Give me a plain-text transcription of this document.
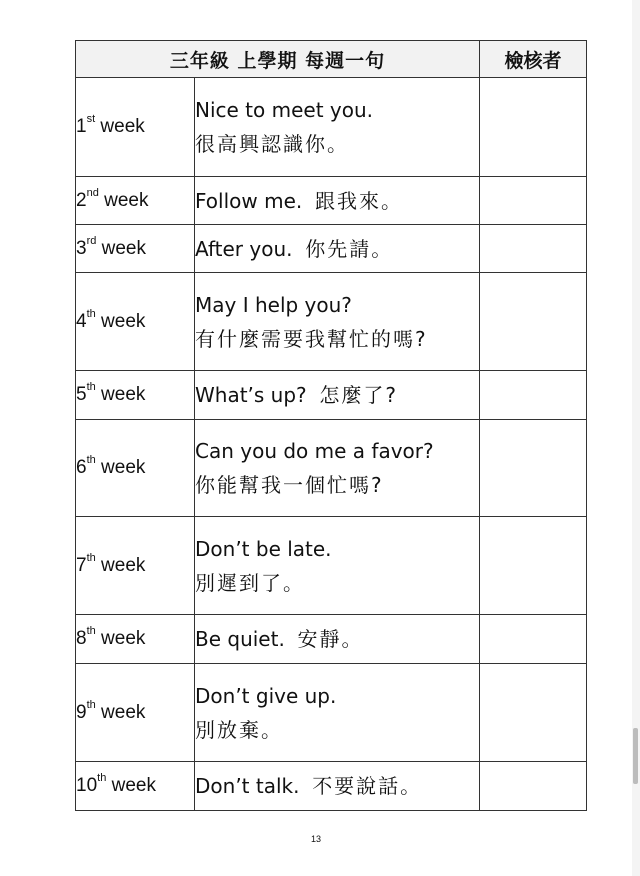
三年級 上學期 每週一句		檢核者
1st week	Nice to meet you.
很高興認識你。	

2nd week	Follow me. 跟我來。	
3rd week	After you. 你先請。	
4th week	May I help you?
有什麼需要我幫忙的嗎?	

5th week	What’s up? 怎麼了?	
6th week	Can you do me a favor?
你能幫我一個忙嗎?	

7th week	Don’t be late.
別遲到了。	

8th week	Be quiet. 安靜。	
9th week	Don’t give up.
別放棄。	

10th week	Don’t talk. 不要說話。	
13
